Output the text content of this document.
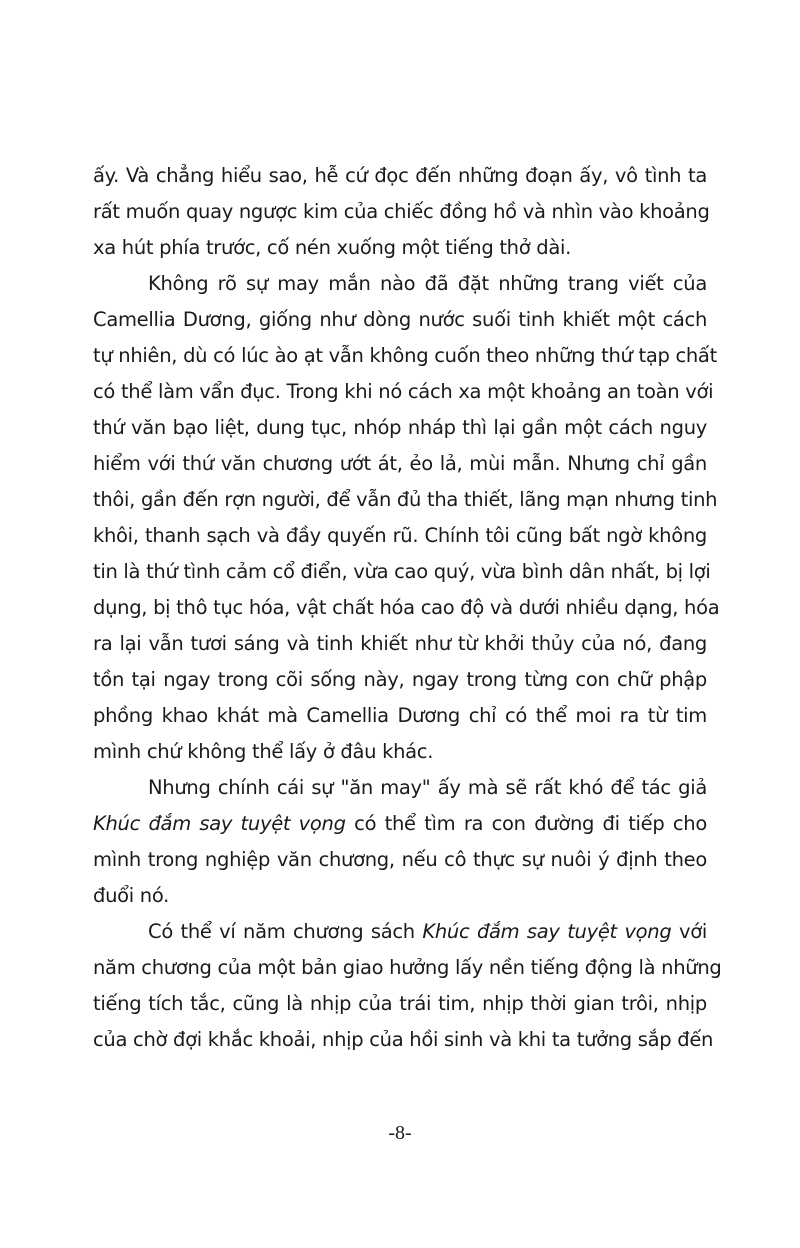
ấy. Và chẳng hiểu sao, hễ cứ đọc đến những đoạn ấy, vô tình ta
rất muốn quay ngược kim của chiếc đồng hồ và nhìn vào khoảng
xa hút phía trước, cố nén xuống một tiếng thở dài.
Không rõ sự may mắn nào đã đặt những trang viết của
Camellia Dương, giống như dòng nước suối tinh khiết một cách
tự nhiên, dù có lúc ào ạt vẫn không cuốn theo những thứ tạp chất
có thể làm vẩn đục. Trong khi nó cách xa một khoảng an toàn với
thứ văn bạo liệt, dung tục, nhóp nháp thì lại gần một cách nguy
hiểm với thứ văn chương ướt át, ẻo lả, mùi mẫn. Nhưng chỉ gần
thôi, gần đến rợn người, để vẫn đủ tha thiết, lãng mạn nhưng tinh
khôi, thanh sạch và đầy quyến rũ. Chính tôi cũng bất ngờ không
tin là thứ tình cảm cổ điển, vừa cao quý, vừa bình dân nhất, bị lợi
dụng, bị thô tục hóa, vật chất hóa cao độ và dưới nhiều dạng, hóa
ra lại vẫn tươi sáng và tinh khiết như từ khởi thủy của nó, đang
tồn tại ngay trong cõi sống này, ngay trong từng con chữ phập
phồng khao khát mà Camellia Dương chỉ có thể moi ra từ tim
mình chứ không thể lấy ở đâu khác.
Nhưng chính cái sự "ăn may" ấy mà sẽ rất khó để tác giả
Khúc đắm say tuyệt vọng có thể tìm ra con đường đi tiếp cho
mình trong nghiệp văn chương, nếu cô thực sự nuôi ý định theo
đuổi nó.
Có thể ví năm chương sách Khúc đắm say tuyệt vọng với
năm chương của một bản giao hưởng lấy nền tiếng động là những
tiếng tích tắc, cũng là nhịp của trái tim, nhịp thời gian trôi, nhịp
của chờ đợi khắc khoải, nhịp của hồi sinh và khi ta tưởng sắp đến
-8-
